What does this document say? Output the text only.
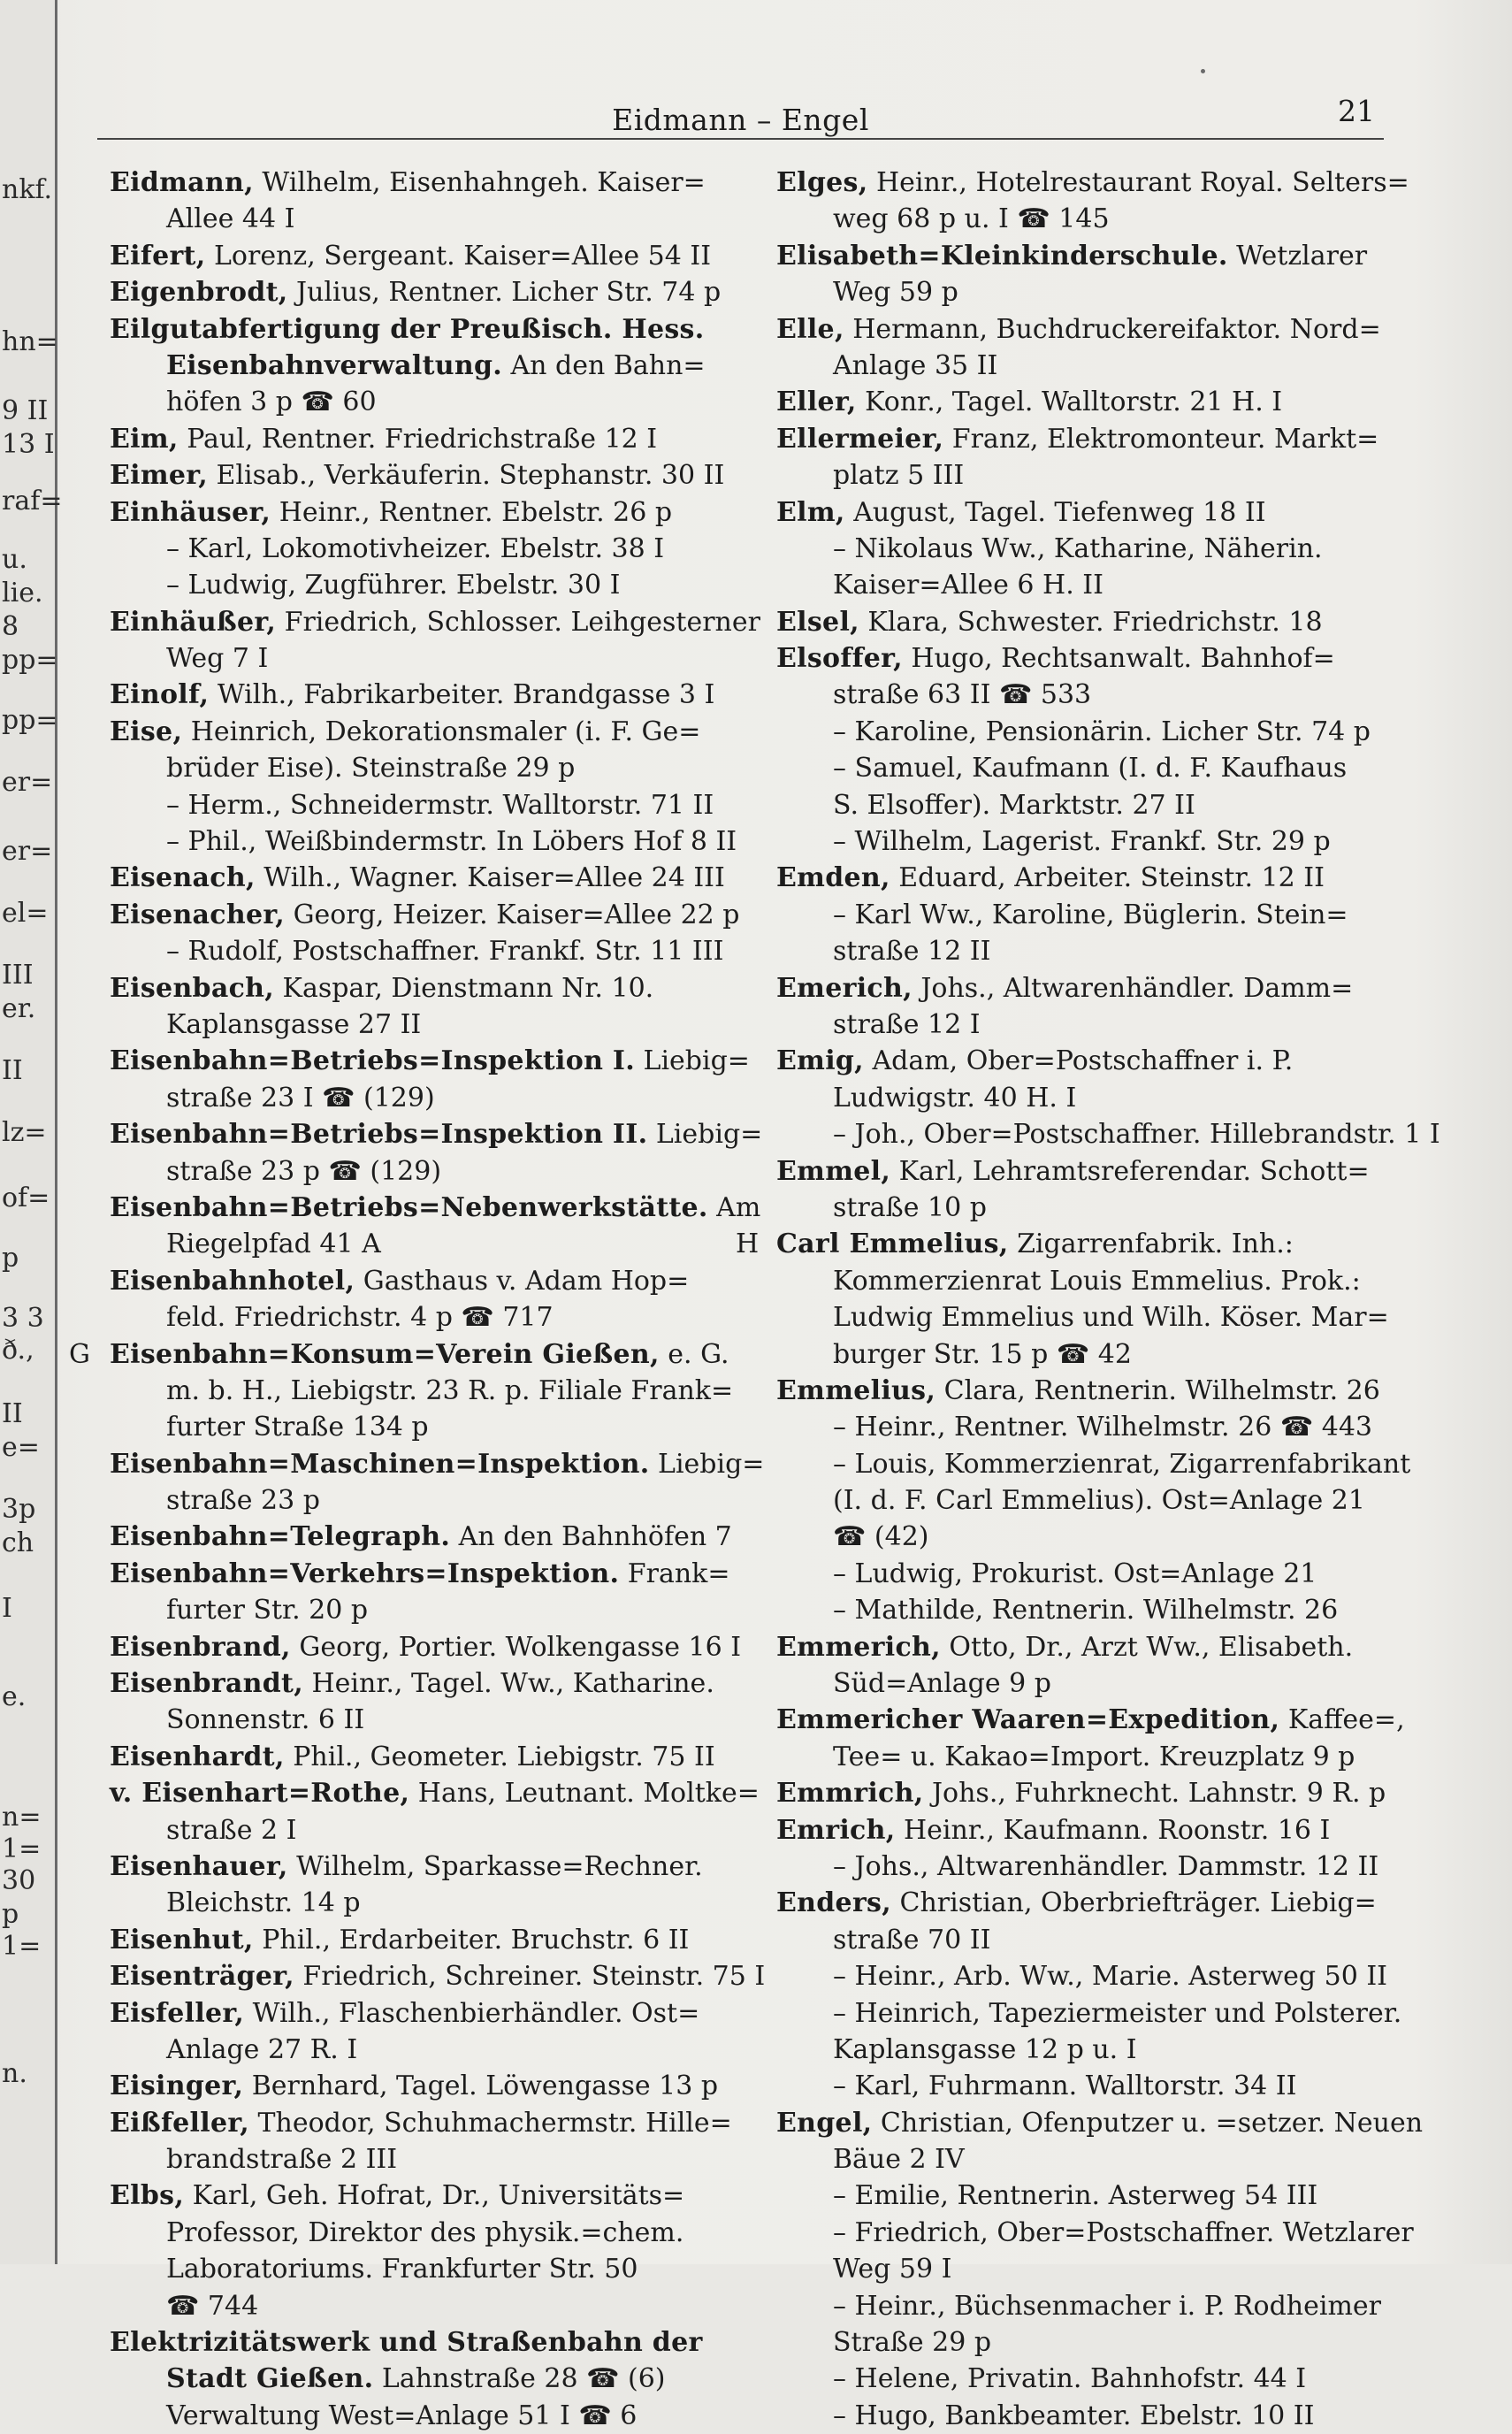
nkf.
hn=
9 II
13 I
raf=
u.
lie.
8
pp=
pp=
er=
er=
el=
III
er.
II
lz=
of=
p
3 3
ð.,
II
e=
3p
ch
I
e.
n=
1=
30
p
1=
n.
Eidmann – Engel	21
Eidmann, Wilhelm, Eisenhahngeh. Kaiser=
Allee 44 I
Eifert, Lorenz, Sergeant. Kaiser=Allee 54 II
Eigenbrodt, Julius, Rentner. Licher Str. 74 p
Eilgutabfertigung der Preußisch. Hess.
Eisenbahnverwaltung. An den Bahn=
höfen 3 p ☎ 60
Eim, Paul, Rentner. Friedrichstraße 12 I
Eimer, Elisab., Verkäuferin. Stephanstr. 30 II
Einhäuser, Heinr., Rentner. Ebelstr. 26 p
– Karl, Lokomotivheizer. Ebelstr. 38 I
– Ludwig, Zugführer. Ebelstr. 30 I
Einhäußer, Friedrich, Schlosser. Leihgesterner
Weg 7 I
Einolf, Wilh., Fabrikarbeiter. Brandgasse 3 I
Eise, Heinrich, Dekorationsmaler (i. F. Ge=
brüder Eise). Steinstraße 29 p
– Herm., Schneidermstr. Walltorstr. 71 II
– Phil., Weißbindermstr. In Löbers Hof 8 II
Eisenach, Wilh., Wagner. Kaiser=Allee 24 III
Eisenacher, Georg, Heizer. Kaiser=Allee 22 p
– Rudolf, Postschaffner. Frankf. Str. 11 III
Eisenbach, Kaspar, Dienstmann Nr. 10.
Kaplansgasse 27 II
Eisenbahn=Betriebs=Inspektion I. Liebig=
straße 23 I ☎ (129)
Eisenbahn=Betriebs=Inspektion II. Liebig=
straße 23 p ☎ (129)
Eisenbahn=Betriebs=Nebenwerkstätte. Am
Riegelpfad 41 A
Eisenbahnhotel, Gasthaus v. Adam Hop=
feld. Friedrichstr. 4 p ☎ 717
G Eisenbahn=Konsum=Verein Gießen, e. G.
m. b. H., Liebigstr. 23 R. p. Filiale Frank=
furter Straße 134 p
Eisenbahn=Maschinen=Inspektion. Liebig=
straße 23 p
Eisenbahn=Telegraph. An den Bahnhöfen 7
Eisenbahn=Verkehrs=Inspektion. Frank=
furter Str. 20 p
Eisenbrand, Georg, Portier. Wolkengasse 16 I
Eisenbrandt, Heinr., Tagel. Ww., Katharine.
Sonnenstr. 6 II
Eisenhardt, Phil., Geometer. Liebigstr. 75 II
v. Eisenhart=Rothe, Hans, Leutnant. Moltke=
straße 2 I
Eisenhauer, Wilhelm, Sparkasse=Rechner.
Bleichstr. 14 p
Eisenhut, Phil., Erdarbeiter. Bruchstr. 6 II
Eisenträger, Friedrich, Schreiner. Steinstr. 75 I
Eisfeller, Wilh., Flaschenbierhändler. Ost=
Anlage 27 R. I
Eisinger, Bernhard, Tagel. Löwengasse 13 p
Eißfeller, Theodor, Schuhmachermstr. Hille=
brandstraße 2 III
Elbs, Karl, Geh. Hofrat, Dr., Universitäts=
Professor, Direktor des physik.=chem.
Laboratoriums. Frankfurter Str. 50
☎ 744
Elektrizitätswerk und Straßenbahn der
Stadt Gießen. Lahnstraße 28 ☎ (6)
Verwaltung West=Anlage 51 I ☎ 6
Elges, Heinr., Hotelrestaurant Royal. Selters=
weg 68 p u. I ☎ 145
Elisabeth=Kleinkinderschule. Wetzlarer
Weg 59 p
Elle, Hermann, Buchdruckereifaktor. Nord=
Anlage 35 II
Eller, Konr., Tagel. Walltorstr. 21 H. I
Ellermeier, Franz, Elektromonteur. Markt=
platz 5 III
Elm, August, Tagel. Tiefenweg 18 II
– Nikolaus Ww., Katharine, Näherin.
Kaiser=Allee 6 H. II
Elsel, Klara, Schwester. Friedrichstr. 18
Elsoffer, Hugo, Rechtsanwalt. Bahnhof=
straße 63 II ☎ 533
– Karoline, Pensionärin. Licher Str. 74 p
– Samuel, Kaufmann (I. d. F. Kaufhaus
S. Elsoffer). Marktstr. 27 II
– Wilhelm, Lagerist. Frankf. Str. 29 p
Emden, Eduard, Arbeiter. Steinstr. 12 II
– Karl Ww., Karoline, Büglerin. Stein=
straße 12 II
Emerich, Johs., Altwarenhändler. Damm=
straße 12 I
Emig, Adam, Ober=Postschaffner i. P.
Ludwigstr. 40 H. I
– Joh., Ober=Postschaffner. Hillebrandstr. 1 I
Emmel, Karl, Lehramtsreferendar. Schott=
straße 10 p
H Carl Emmelius, Zigarrenfabrik. Inh.:
Kommerzienrat Louis Emmelius. Prok.:
Ludwig Emmelius und Wilh. Köser. Mar=
burger Str. 15 p ☎ 42
Emmelius, Clara, Rentnerin. Wilhelmstr. 26
– Heinr., Rentner. Wilhelmstr. 26 ☎ 443
– Louis, Kommerzienrat, Zigarrenfabrikant
(I. d. F. Carl Emmelius). Ost=Anlage 21
☎ (42)
– Ludwig, Prokurist. Ost=Anlage 21
– Mathilde, Rentnerin. Wilhelmstr. 26
Emmerich, Otto, Dr., Arzt Ww., Elisabeth.
Süd=Anlage 9 p
Emmericher Waaren=Expedition, Kaffee=,
Tee= u. Kakao=Import. Kreuzplatz 9 p
Emmrich, Johs., Fuhrknecht. Lahnstr. 9 R. p
Emrich, Heinr., Kaufmann. Roonstr. 16 I
– Johs., Altwarenhändler. Dammstr. 12 II
Enders, Christian, Oberbriefträger. Liebig=
straße 70 II
– Heinr., Arb. Ww., Marie. Asterweg 50 II
– Heinrich, Tapeziermeister und Polsterer.
Kaplansgasse 12 p u. I
– Karl, Fuhrmann. Walltorstr. 34 II
Engel, Christian, Ofenputzer u. =setzer. Neuen
Bäue 2 IV
– Emilie, Rentnerin. Asterweg 54 III
– Friedrich, Ober=Postschaffner. Wetzlarer
Weg 59 I
– Heinr., Büchsenmacher i. P. Rodheimer
Straße 29 p
– Helene, Privatin. Bahnhofstr. 44 I
– Hugo, Bankbeamter. Ebelstr. 10 II
